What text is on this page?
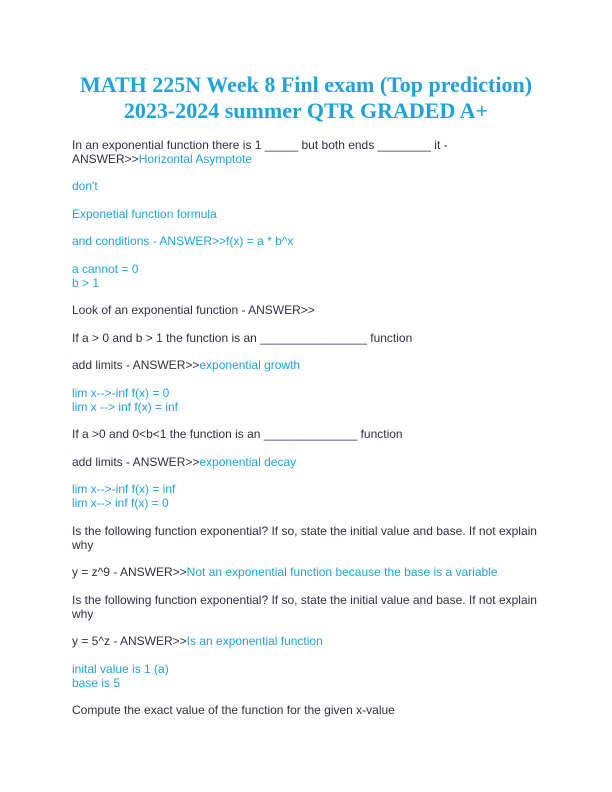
MATH 225N Week 8 Finl exam (Top prediction)
2023-2024 summer QTR GRADED A+
In an exponential function there is 1 _____ but both ends ________ it -
ANSWER>>Horizontal Asymptote
don't
Exponetial function formula
and conditions - ANSWER>>f(x) = a * b^x
a cannot = 0
b > 1
Look of an exponential function - ANSWER>>
If a > 0 and b > 1 the function is an ________________ function
add limits - ANSWER>>exponential growth
lim x-->-inf f(x) = 0
lim x --> inf f(x) = inf
If a >0 and 0<b<1 the function is an ______________ function
add limits - ANSWER>>exponential decay
lim x-->-inf f(x) = inf
lim x--> inf f(x) = 0
Is the following function exponential? If so, state the initial value and base. If not explain
why
y = z^9 - ANSWER>>Not an exponential function because the base is a variable
Is the following function exponential? If so, state the initial value and base. If not explain
why
y = 5^z - ANSWER>>Is an exponential function
inital value is 1 (a)
base is 5
Compute the exact value of the function for the given x-value
